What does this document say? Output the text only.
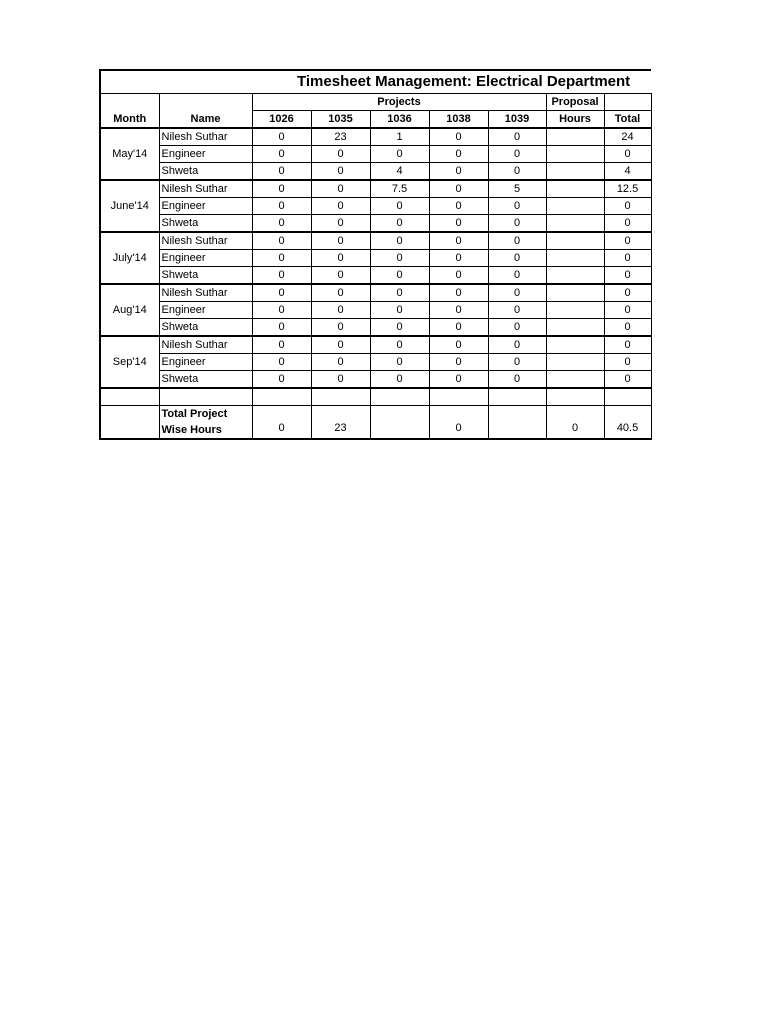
Timesheet Management: Electrical Department								
Month	Name	Projects					Proposal	
		1026	1035	1036	1038	1039	Hours	Total
May'14	Nilesh Suthar	0	23	1	0	0		24
	Engineer	0	0	0	0	0		0
	Shweta	0	0	4	0	0		4
June'14	Nilesh Suthar	0	0	7.5	0	5		12.5
	Engineer	0	0	0	0	0		0
	Shweta	0	0	0	0	0		0
July'14	Nilesh Suthar	0	0	0	0	0		0
	Engineer	0	0	0	0	0		0
	Shweta	0	0	0	0	0		0
Aug'14	Nilesh Suthar	0	0	0	0	0		0
	Engineer	0	0	0	0	0		0
	Shweta	0	0	0	0	0		0
Sep'14	Nilesh Suthar	0	0	0	0	0		0
	Engineer	0	0	0	0	0		0
	Shweta	0	0	0	0	0		0

	Total Project
Wise Hours	0	23		0		0	40.5
